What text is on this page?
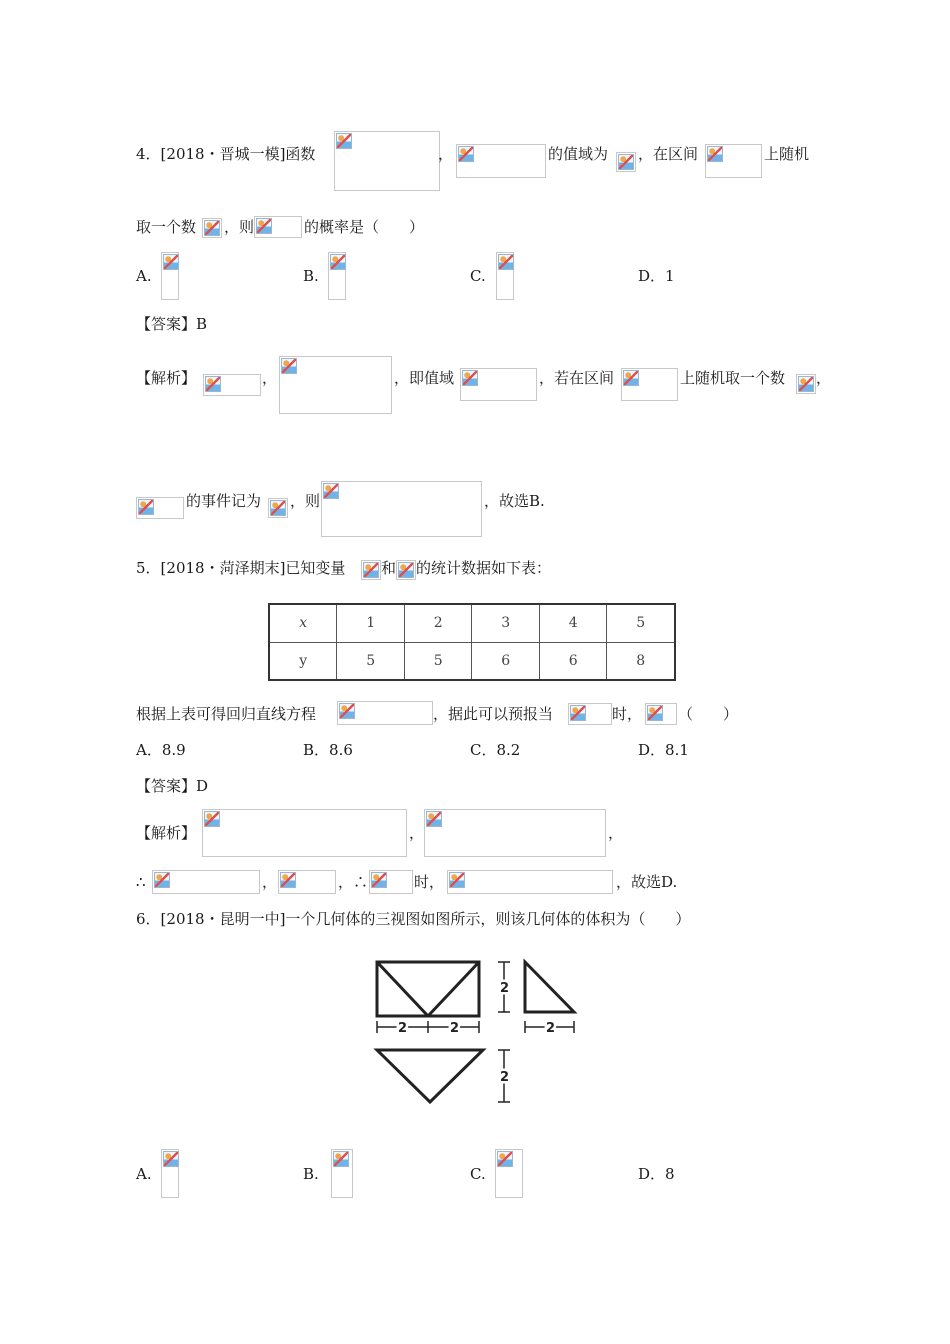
4．[2018・晋城一模]函数	，	的值域为 ，在区间	上随机
取一个数 ，则	的概率是（　　）
A.	B.	C.	D．1
【答案】B
【解析】	，	，即值域	，若在区间	上随机取一个数 ，
的事件记为 ，则	，故选B.
5．[2018・菏泽期末]已知变量 和 的统计数据如下表：
x	1	2	3	4	5
y	5	5	6	6	8
根据上表可得回归直线方程	，据此可以预报当	时， （　　）
A．8.9	B．8.6	C．8.2	D．8.1
【答案】D
【解析】	，	，
∴	，	，∴	时，	，故选D.
6．[2018・昆明一中]一个几何体的三视图如图所示，则该几何体的体积为（　　）
2	2
2
2
2
A.	B.	C.	D．8
